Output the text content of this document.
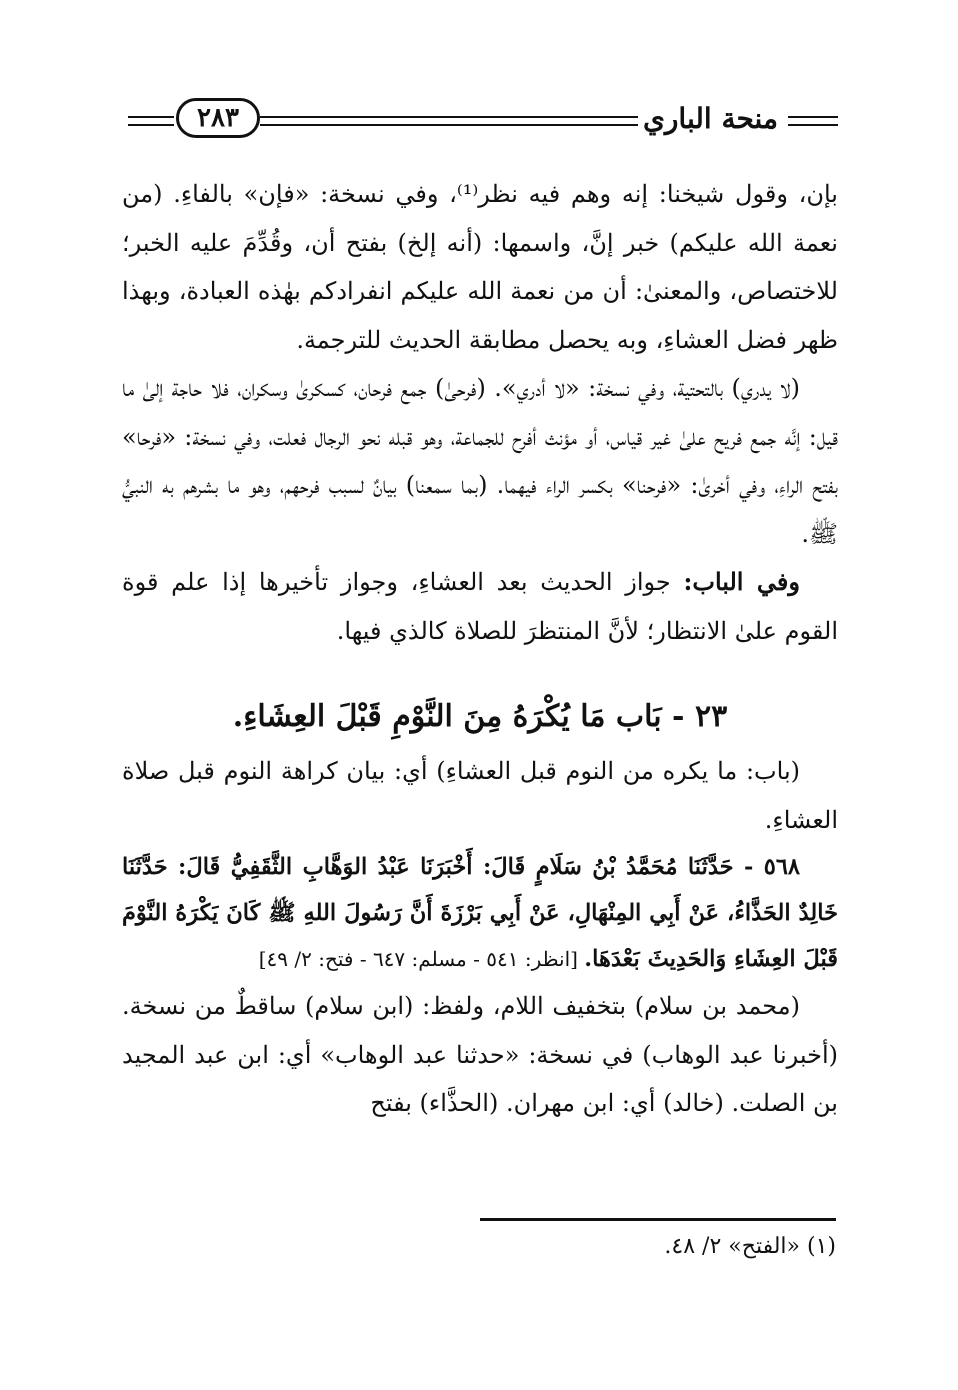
منحة الباري
٢٨٣

بإن، وقول شيخنا: إنه وهم فيه نظر⁽¹⁾، وفي نسخة: «فإن» بالفاءِ. (من نعمة الله عليكم) خبر إنَّ، واسمها: (أنه إلخ) بفتح أن، وقُدِّمَ عليه الخبر؛ للاختصاص، والمعنىٰ: أن من نعمة الله عليكم انفرادكم بهٰذه العبادة، وبهذا ظهر فضل العشاءِ، وبه يحصل مطابقة الحديث للترجمة.

(لا يدري) بالتحتية، وفي نسخة: «لا أدري». (فرحىٰ) جمع فرحان، كسكرىٰ وسكران، فلا حاجة إلىٰ ما قيل: إنَّه جمع فريح علىٰ غير قياس، أو مؤنث أفرح للجماعة، وهو قبله نحو الرجال فعلت، وفي نسخة: «فرحا» بفتح الراءِ، وفي أخرىٰ: «فرحنا» بكسر الراء فيهما. (بما سمعنا) بيانٌ لسبب فرحهم، وهو ما بشرهم به النبيُّ ﷺ.

وفي الباب: جواز الحديث بعد العشاءِ، وجواز تأخيرها إذا علم قوة القوم علىٰ الانتظار؛ لأنَّ المنتظرَ للصلاة كالذي فيها.

٢٣ - بَاب مَا يُكْرَهُ مِنَ النَّوْمِ قَبْلَ العِشَاءِ.

(باب: ما يكره من النوم قبل العشاءِ) أي: بيان كراهة النوم قبل صلاة العشاءِ.

٥٦٨ - حَدَّثَنَا مُحَمَّدُ بْنُ سَلَامٍ قَالَ: أَخْبَرَنَا عَبْدُ الوَهَّابِ الثَّقَفِيُّ قَالَ: حَدَّثَنَا خَالِدٌ الحَذَّاءُ، عَنْ أَبِي المِنْهَالِ، عَنْ أَبِي بَرْزَةَ أَنَّ رَسُولَ اللهِ ﷺ كَانَ يَكْرَهُ النَّوْمَ قَبْلَ العِشَاءِ وَالحَدِيثَ بَعْدَهَا. [انظر: ٥٤١ - مسلم: ٦٤٧ - فتح: ٢/ ٤٩]

(محمد بن سلام) بتخفيف اللام، ولفظ: (ابن سلام) ساقطٌ من نسخة. (أخبرنا عبد الوهاب) في نسخة: «حدثنا عبد الوهاب» أي: ابن عبد المجيد بن الصلت. (خالد) أي: ابن مهران. (الحذَّاء) بفتح

(١) «الفتح» ٢/ ٤٨.
